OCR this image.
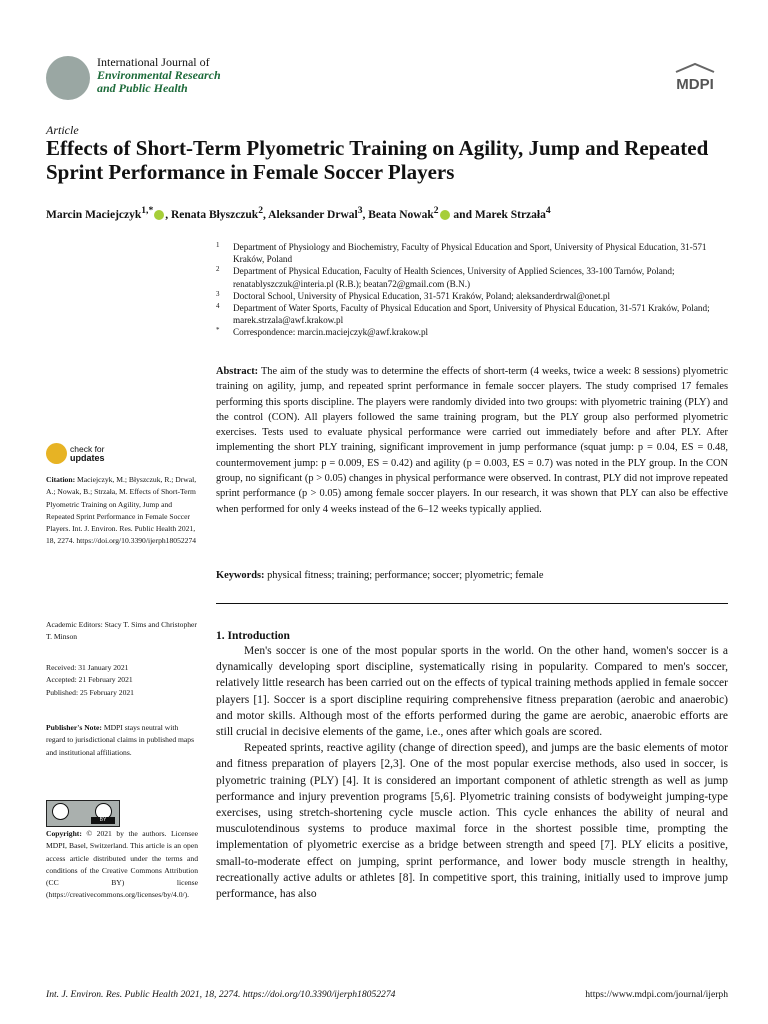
International Journal of
Environmental Research
and Public Health	MDPI
Article
Effects of Short-Term Plyometric Training on Agility, Jump and Repeated Sprint Performance in Female Soccer Players
Marcin Maciejczyk$^{1,*}$ , Renata Błyszczuk$^2$, Aleksander Drwal$^3$, Beata Nowak$^2$ and Marek Strzała$^4$
1 Department of Physiology and Biochemistry, Faculty of Physical Education and Sport, University of Physical Education, 31-571 Kraków, Poland
2 Department of Physical Education, Faculty of Health Sciences, University of Applied Sciences, 33-100 Tarnów, Poland; renatablyszczuk@interia.pl (R.B.); beatan72@gmail.com (B.N.)
3 Doctoral School, University of Physical Education, 31-571 Kraków, Poland; aleksanderdrwal@onet.pl
4 Department of Water Sports, Faculty of Physical Education and Sport, University of Physical Education, 31-571 Kraków, Poland; marek.strzala@awf.krakow.pl
* Correspondence: marcin.maciejczyk@awf.krakow.pl
Abstract: The aim of the study was to determine the effects of short-term (4 weeks, twice a week: 8 sessions) plyometric training on agility, jump, and repeated sprint performance in female soccer players. The study comprised 17 females performing this sports discipline. The players were randomly divided into two groups: with plyometric training (PLY) and the control (CON). All players followed the same training program, but the PLY group also performed plyometric exercises. Tests used to evaluate physical performance were carried out immediately before and after PLY. After implementing the short PLY training, significant improvement in jump performance (squat jump: p = 0.04, ES = 0.48, countermovement jump: p = 0.009, ES = 0.42) and agility (p = 0.003, ES = 0.7) was noted in the PLY group. In the CON group, no significant (p > 0.05) changes in physical performance were observed. In contrast, PLY did not improve repeated sprint performance (p > 0.05) among female soccer players. In our research, it was shown that PLY can also be effective when performed for only 4 weeks instead of the 6–12 weeks typically applied.
Keywords: physical fitness; training; performance; soccer; plyometric; female
check for
updates
Citation: Maciejczyk, M.; Błyszczuk, R.; Drwal, A.; Nowak, B.; Strzała, M. Effects of Short-Term Plyometric Training on Agility, Jump and Repeated Sprint Performance in Female Soccer Players. Int. J. Environ. Res. Public Health 2021, 18, 2274. https://doi.org/10.3390/ijerph18052274
Academic Editors: Stacy T. Sims and Christopher T. Minson
Received: 31 January 2021
Accepted: 21 February 2021
Published: 25 February 2021
Publisher's Note: MDPI stays neutral with regard to jurisdictional claims in published maps and institutional affiliations.
BY
Copyright: © 2021 by the authors. Licensee MDPI, Basel, Switzerland. This article is an open access article distributed under the terms and conditions of the Creative Commons Attribution (CC BY) license (https://creativecommons.org/licenses/by/4.0/).
1. Introduction

Men's soccer is one of the most popular sports in the world. On the other hand, women's soccer is a dynamically developing sport discipline, systematically rising in popularity. Compared to men's soccer, relatively little research has been carried out on the effects of typical training methods applied in female soccer players [1]. Soccer is a sport discipline requiring comprehensive fitness preparation (aerobic and anaerobic) and motor skills. Although most of the efforts performed during the game are aerobic, anaerobic efforts are still crucial in decisive elements of the game, i.e., ones after which goals are scored.

Repeated sprints, reactive agility (change of direction speed), and jumps are the basic elements of motor and fitness preparation of players [2,3]. One of the most popular exercise methods, also used in soccer, is plyometric training (PLY) [4]. It is considered an important component of athletic strength as well as jump performance and injury prevention programs [5,6]. Plyometric training consists of bodyweight jumping-type exercises, using stretch-shortening cycle muscle action. This cycle enhances the ability of neural and musculotendinous systems to produce maximal force in the shortest possible time, prompting the implementation of plyometric exercise as a bridge between strength and speed [7]. PLY elicits a positive, small-to-moderate effect on jumping, sprint performance, and lower body muscle strength in healthy, recreationally active adults or athletes [8]. In competitive sport, this training, initially used to improve jump performance, has also

Int. J. Environ. Res. Public Health 2021, 18, 2274. https://doi.org/10.3390/ijerph18052274	https://www.mdpi.com/journal/ijerph
